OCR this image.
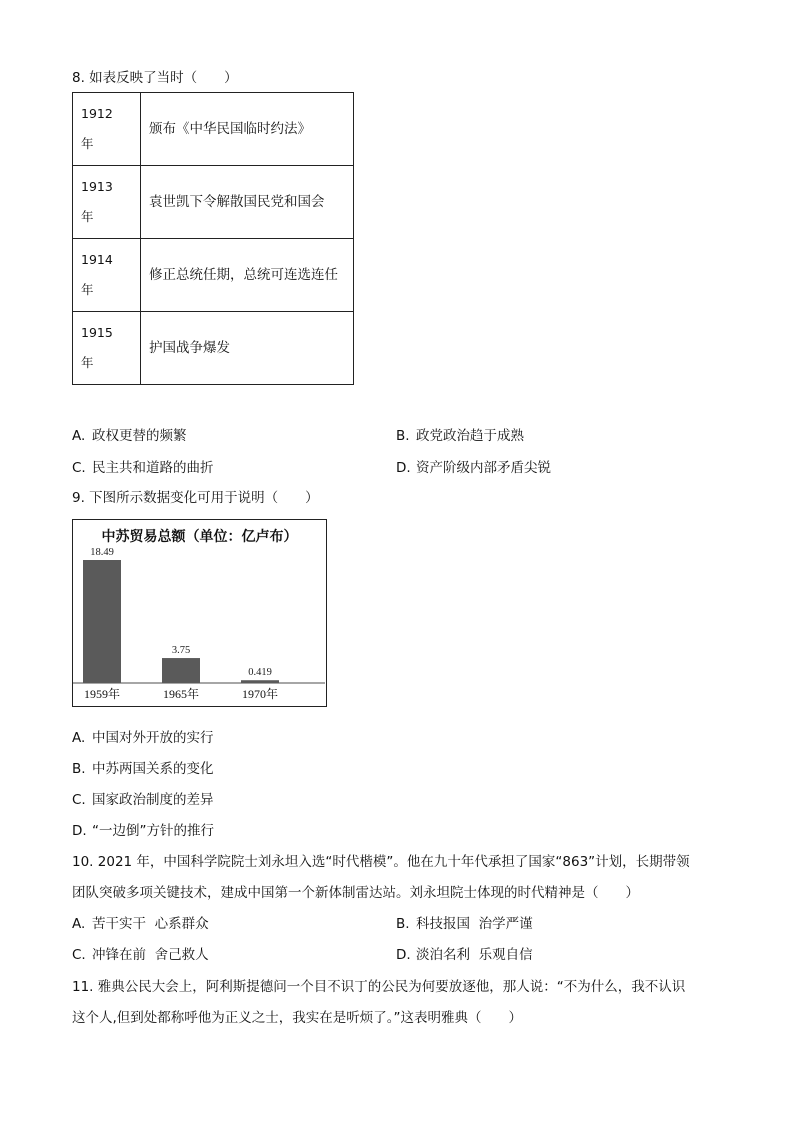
8. 如表反映了当时（　　）
1912
年	颁布《中华民国临时约法》
1913
年	袁世凯下令解散国民党和国会
1914
年	修正总统任期，总统可连选连任
1915
年	护国战争爆发
A. 政权更替的频繁	B. 政党政治趋于成熟
C. 民主共和道路的曲折	D. 资产阶级内部矛盾尖锐
9. 下图所示数据变化可用于说明（　　）
中苏贸易总额（单位：亿卢布）
18.49
1959年
3.75
1965年
0.419
1970年
A. 中国对外开放的实行
B. 中苏两国关系的变化
C. 国家政治制度的差异
D. “一边倒”方针的推行
10. 2021 年，中国科学院院士刘永坦入选“时代楷模”。他在九十年代承担了国家“863”计划，长期带领
团队突破多项关键技术，建成中国第一个新体制雷达站。刘永坦院士体现的时代精神是（　　）
A. 苦干实干  心系群众	B. 科技报国  治学严谨
C. 冲锋在前  舍己救人	D. 淡泊名利  乐观自信
11. 雅典公民大会上，阿利斯提德问一个目不识丁的公民为何要放逐他，那人说：“不为什么，我不认识
这个人,但到处都称呼他为正义之士，我实在是听烦了。”这表明雅典（　　）
